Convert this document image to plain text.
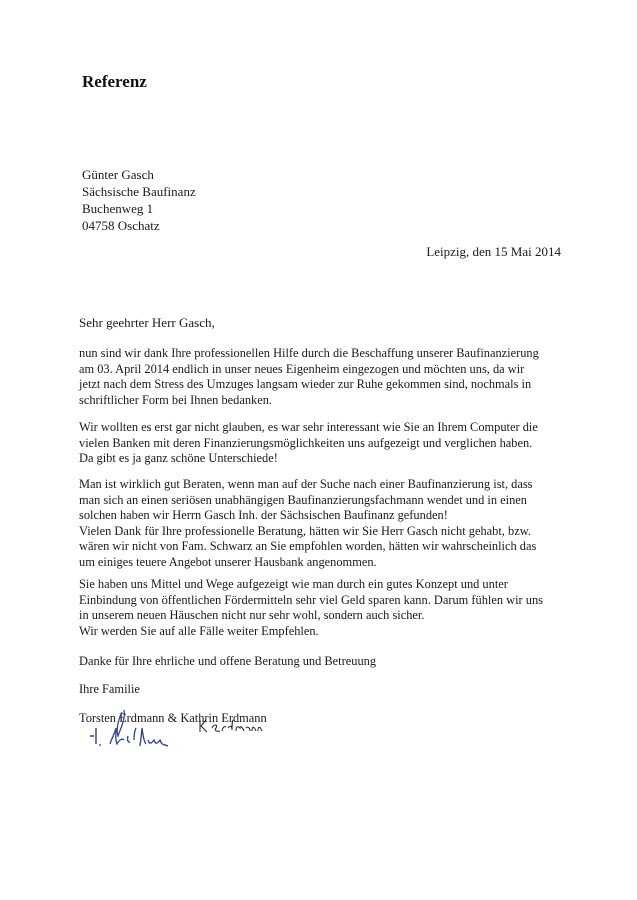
Referenz
Günter Gasch
Sächsische Baufinanz
Buchenweg 1
04758 Oschatz
Leipzig, den 15 Mai 2014
Sehr geehrter Herr Gasch,
nun sind wir dank Ihre professionellen Hilfe durch die Beschaffung unserer Baufinanzierung
am 03. April 2014 endlich in unser neues Eigenheim eingezogen und möchten uns, da wir
jetzt nach dem Stress des Umzuges langsam wieder zur Ruhe gekommen sind, nochmals in
schriftlicher Form bei Ihnen bedanken.
Wir wollten es erst gar nicht glauben, es war sehr interessant wie Sie an Ihrem Computer die
vielen Banken mit deren Finanzierungsmöglichkeiten uns aufgezeigt und verglichen haben.
Da gibt es ja ganz schöne Unterschiede!
Man ist wirklich gut Beraten, wenn man auf der Suche nach einer Baufinanzierung ist, dass
man sich an einen seriösen unabhängigen Baufinanzierungsfachmann wendet und in einen
solchen haben wir Herrn Gasch Inh. der Sächsischen Baufinanz gefunden!
Vielen Dank für Ihre professionelle Beratung, hätten wir Sie Herr Gasch nicht gehabt, bzw.
wären wir nicht von Fam. Schwarz an Sie empfohlen worden, hätten wir wahrscheinlich das
um einiges teuere Angebot unserer Hausbank angenommen.
Sie haben uns Mittel und Wege aufgezeigt wie man durch ein gutes Konzept und unter
Einbindung von öffentlichen Fördermitteln sehr viel Geld sparen kann. Darum fühlen wir uns
in unserem neuen Häuschen nicht nur sehr wohl, sondern auch sicher.
Wir werden Sie auf alle Fälle weiter Empfehlen.
Danke für Ihre ehrliche und offene Beratung und Betreuung
Ihre Familie
Torsten Erdmann & Kathrin Erdmann
